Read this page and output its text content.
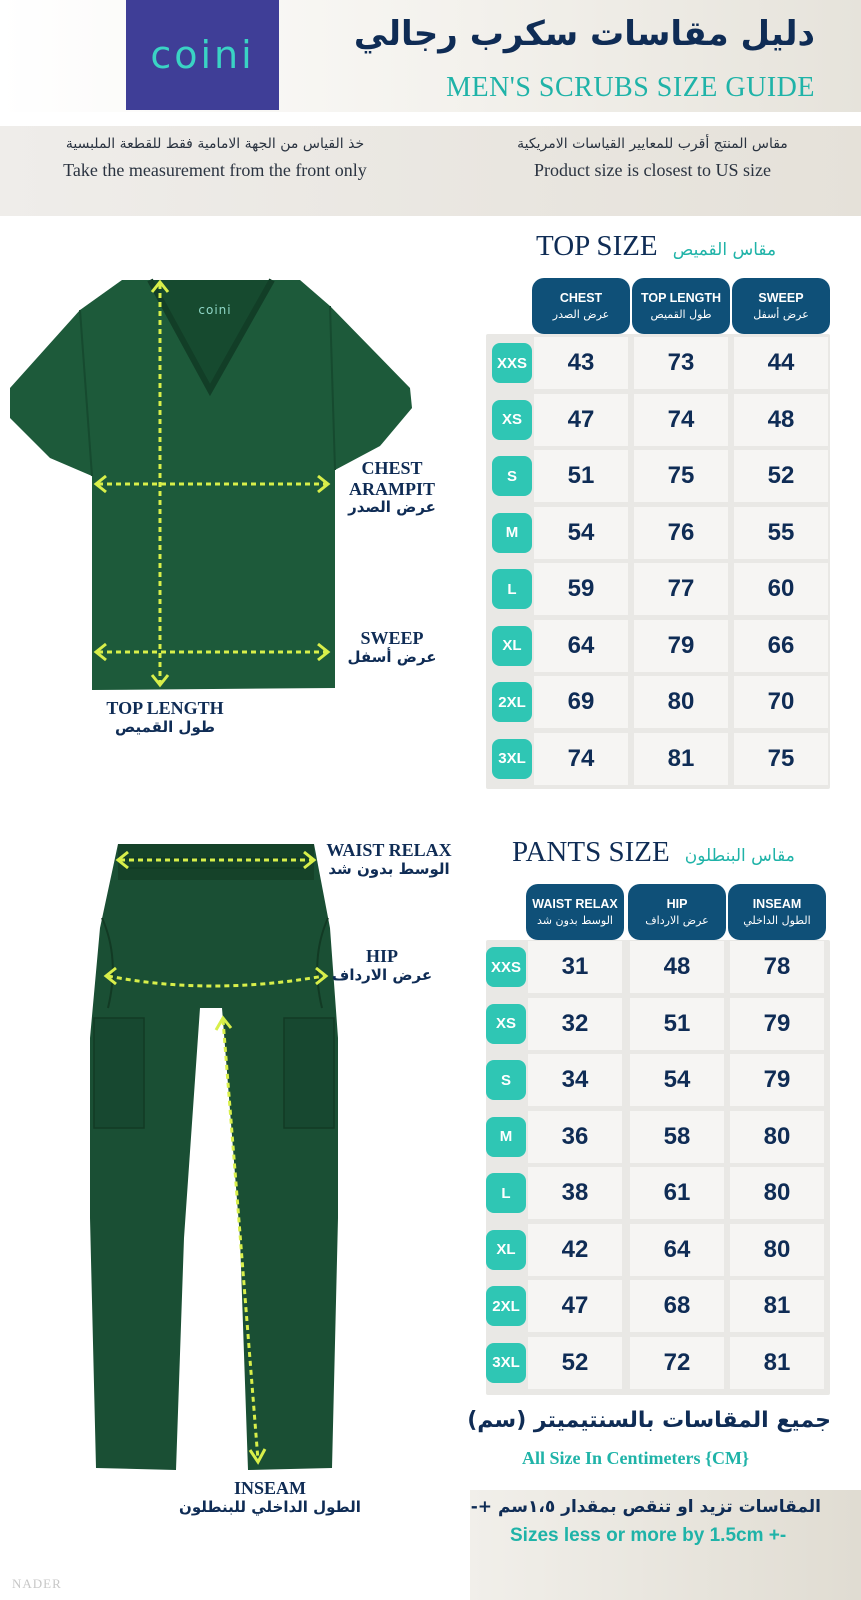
coini	دليل مقاسات سكرب رجالي
MEN'S SCRUBS SIZE GUIDE
خذ القياس من الجهة الامامية فقط للقطعة الملبسية
Take the measurement from the front only
مقاس المنتج أقرب للمعايير القياسات الامريكية
Product size is closest to US size
TOP SIZE مقاس القميص
coini
CHEST
ARAMPIT
عرض الصدر
SWEEP
عرض أسفل
TOP LENGTH
طول القميص
CHEST
عرض الصدر
TOP LENGTH
طول القميص
SWEEP
عرض أسفل
XXS	43	73	44
XS	47	74	48
S	51	75	52
M	54	76	55
L	59	77	60
XL	64	79	66
2XL	69	80	70
3XL	74	81	75
PANTS SIZE مقاس البنطلون
WAIST RELAX
الوسط بدون شد
HIP
عرض الارداف
INSEAM
الطول الداخلي للبنطلون
WAIST RELAX
الوسط بدون شد
HIP
عرض الارداف
INSEAM
الطول الداخلي
XXS	31	48	78
XS	32	51	79
S	34	54	79
M	36	58	80
L	38	61	80
XL	42	64	80
2XL	47	68	81
3XL	52	72	81
جميع المقاسات بالسنتيميتر (سم)
All Size In Centimeters {CM}
المقاسات تزيد او تنقص بمقدار ١،٥سم +-
Sizes less or more by 1.5cm +-
NADER
